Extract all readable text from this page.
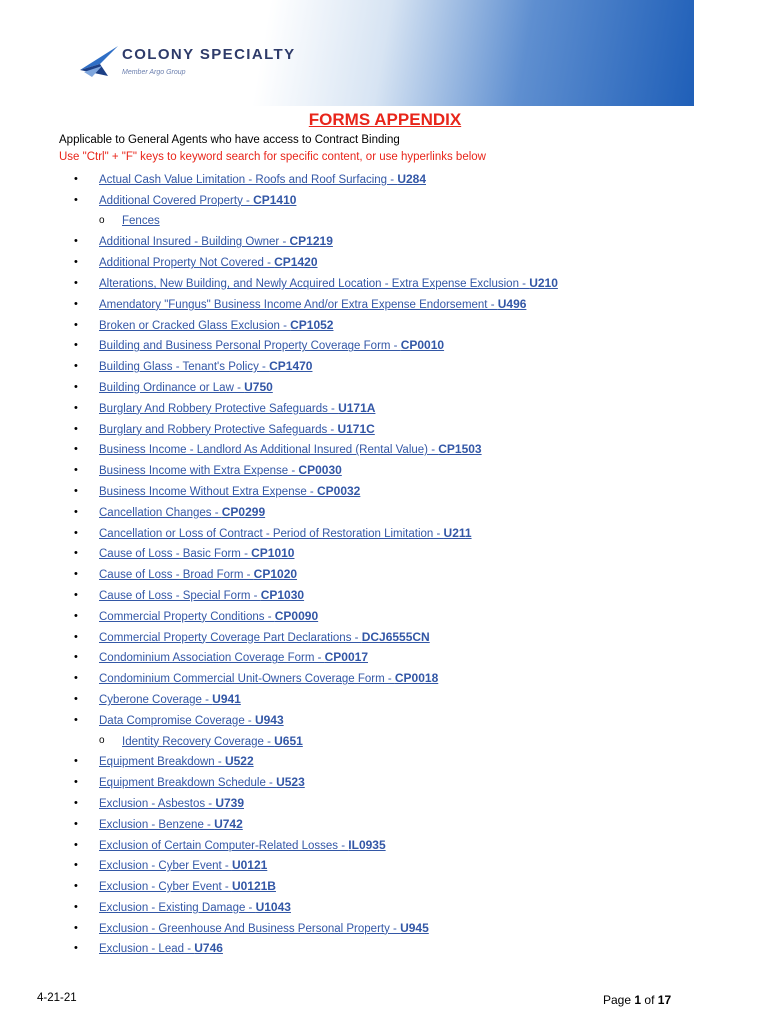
COLONY SPECIALTY
Member Argo Group
FORMS APPENDIX
Applicable to General Agents who have access to Contract Binding
Use "Ctrl" + "F" keys to keyword search for specific content, or use hyperlinks below
• Actual Cash Value Limitation - Roofs and Roof Surfacing - U284
• Additional Covered Property - CP1410
o Fences
• Additional Insured - Building Owner - CP1219
• Additional Property Not Covered - CP1420
• Alterations, New Building, and Newly Acquired Location - Extra Expense Exclusion - U210
• Amendatory "Fungus" Business Income And/or Extra Expense Endorsement - U496
• Broken or Cracked Glass Exclusion - CP1052
• Building and Business Personal Property Coverage Form - CP0010
• Building Glass - Tenant's Policy - CP1470
• Building Ordinance or Law - U750
• Burglary And Robbery Protective Safeguards - U171A
• Burglary and Robbery Protective Safeguards - U171C
• Business Income - Landlord As Additional Insured (Rental Value) - CP1503
• Business Income with Extra Expense - CP0030
• Business Income Without Extra Expense - CP0032
• Cancellation Changes - CP0299
• Cancellation or Loss of Contract - Period of Restoration Limitation - U211
• Cause of Loss - Basic Form - CP1010
• Cause of Loss - Broad Form - CP1020
• Cause of Loss - Special Form - CP1030
• Commercial Property Conditions - CP0090
• Commercial Property Coverage Part Declarations - DCJ6555CN
• Condominium Association Coverage Form - CP0017
• Condominium Commercial Unit-Owners Coverage Form - CP0018
• Cyberone Coverage - U941
• Data Compromise Coverage - U943
o Identity Recovery Coverage - U651
• Equipment Breakdown - U522
• Equipment Breakdown Schedule - U523
• Exclusion - Asbestos - U739
• Exclusion - Benzene - U742
• Exclusion of Certain Computer-Related Losses - IL0935
• Exclusion - Cyber Event - U0121
• Exclusion - Cyber Event - U0121B
• Exclusion - Existing Damage - U1043
• Exclusion - Greenhouse And Business Personal Property - U945
• Exclusion - Lead - U746
4-21-21	Page 1 of 17
